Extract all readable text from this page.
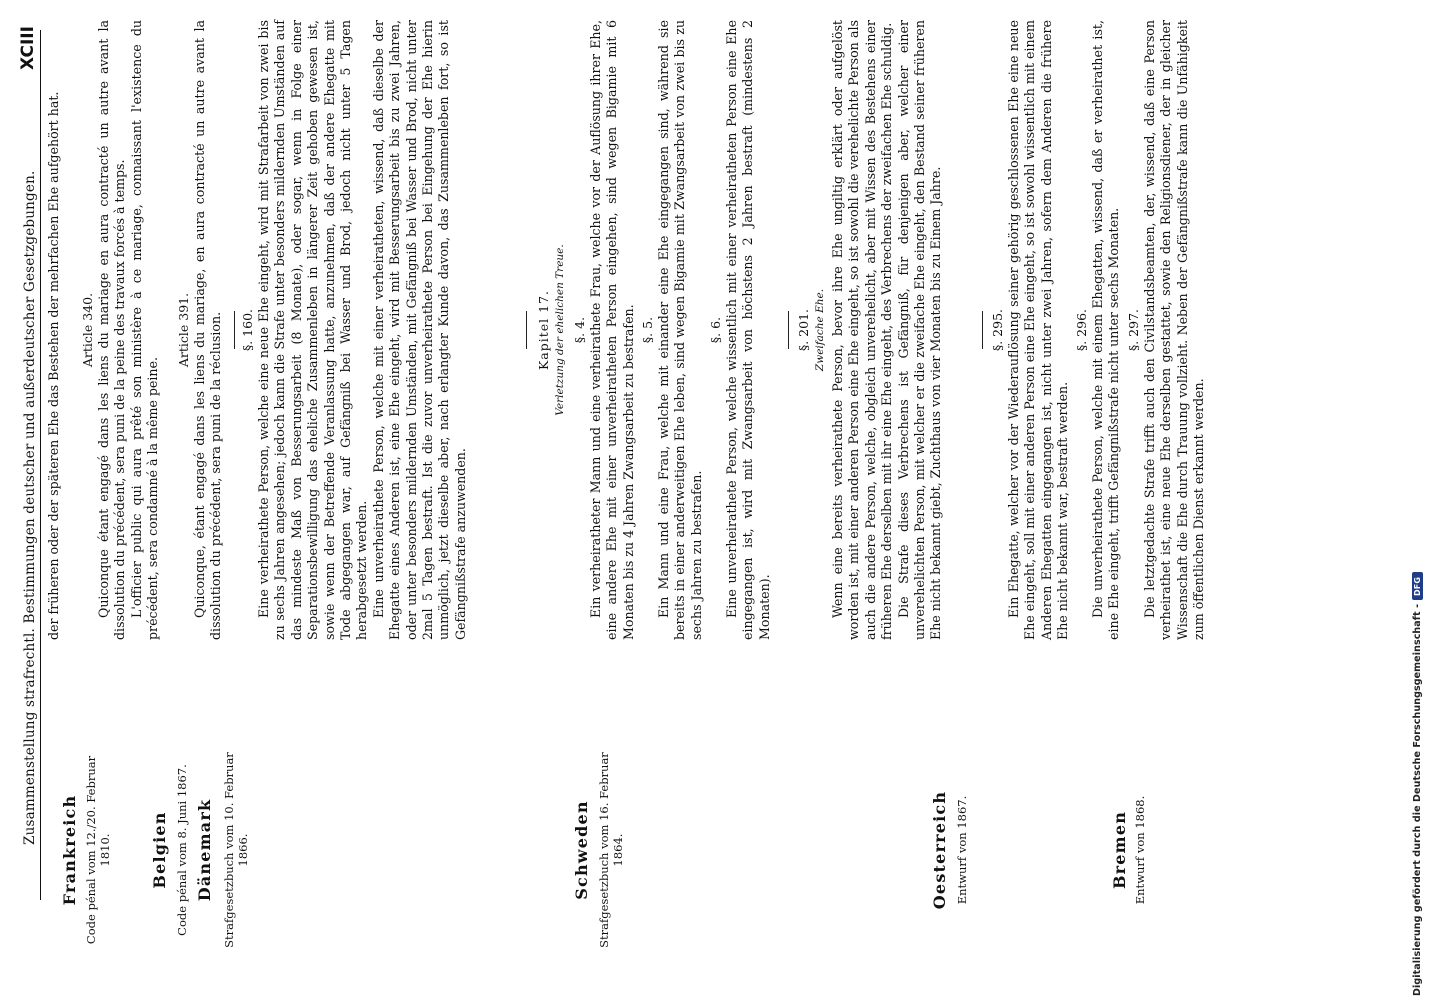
XCIII
Zusammenstellung strafrechtl. Bestimmungen deutscher und außerdeutscher Gesetzgebungen.
Frankreich Code pénal vom 12./20. Februar 1810. Belgien Code pénal vom 8. Juni 1867. Dänemark Strafgesetzbuch vom 10. Februar 1866.	Schweden Strafgesetzbuch vom 16. Februar 1864.	Oesterreich Entwurf von 1867.	Bremen Entwurf von 1868.

der früheren oder der späteren Ehe das Bestehen der mehrfachen Ehe aufgehört hat. Article 340. Quiconque étant engagé dans les liens du mariage en aura contracté un autre avant la dissolution du précédent, sera puni de la peine des travaux forcés à temps. L'officier public qui aura prêté son ministère à ce mariage, connaissant l'existence du précédent, sera condamné à la même peine.

Article 391. Quiconque, étant engagé dans les liens du mariage, en aura contracté un autre avant la dissolution du précédent, sera puni de la réclusion. §. 160. Eine verheirathete Person, welche eine neue Ehe eingeht, wird mit Strafarbeit von zwei bis zu sechs Jahren angesehen; jedoch kann die Strafe unter besonders mildernden Umständen auf das mindeste Maß von Besserungsarbeit (8 Monate), oder sogar, wenn in Folge einer Separationsbewilligung das eheliche Zusammenleben in längerer Zeit gehoben gewesen ist, sowie wenn der Betreffende Veranlassung hatte, anzunehmen, daß der andere Ehegatte mit Tode abgegangen war, auf Gefängniß bei Wasser und Brod, jedoch nicht unter 5 Tagen herabgesetzt werden. Eine unverheirathete Person, welche mit einer verheiratheten, wissend, daß dieselbe der Ehegatte eines Anderen ist, eine Ehe eingeht, wird mit Besserungsarbeit bis zu zwei Jahren, oder unter besonders mildernden Umständen, mit Gefängniß bei Wasser und Brod, nicht unter 2mal 5 Tagen bestraft. Ist die zuvor unverheirathete Person bei Eingehung der Ehe hierin unmöglich, jetzt dieselbe aber, nach erlangter Kunde davon, das Zusammenleben fort, so ist Gefängnißstrafe anzuwenden.

Kapitel 17. Verletzung der ehelichen Treue. §. 4. Ein verheiratheter Mann und eine verheirathete Frau, welche vor der Auflösung ihrer Ehe, eine andere Ehe mit einer unverheiratheten Person eingehen, sind wegen Bigamie mit 6 Monaten bis zu 4 Jahren Zwangsarbeit zu bestrafen. §. 5. Ein Mann und eine Frau, welche mit einander eine Ehe eingegangen sind, während sie bereits in einer anderweitigen Ehe leben, sind wegen Bigamie mit Zwangsarbeit von zwei bis zu sechs Jahren zu bestrafen.

§. 6. Eine unverheirathete Person, welche wissentlich mit einer verheiratheten Person eine Ehe eingegangen ist, wird mit Zwangsarbeit von höchstens 2 Jahren bestraft (mindestens 2 Monaten).

§. 201. Zweifache Ehe. Wenn eine bereits verheirathete Person, bevor ihre Ehe ungiltig erklärt oder aufgelöst worden ist, mit einer anderen Person eine Ehe eingeht, so ist sowohl die verehelichte Person als auch die andere Person, welche, obgleich unverehelicht, aber mit Wissen des Bestehens einer früheren Ehe derselben mit ihr eine Ehe eingeht, des Verbrechens der zweifachen Ehe schuldig. Die Strafe dieses Verbrechens ist Gefängniß, für denjenigen aber, welcher einer unverehelichten Person, mit welcher er die zweifache Ehe eingeht, den Bestand seiner früheren Ehe nicht bekannt giebt, Zuchthaus von vier Monaten bis zu Einem Jahre.	§. 295. Ein Ehegatte, welcher vor der Wiederauflösung seiner gehörig geschlossenen Ehe eine neue Ehe eingeht, soll mit einer anderen Person eine Ehe eingeht, so ist sowohl wissentlich mit einem Anderen Ehegatten eingegangen ist, nicht unter zwei Jahren, sofern dem Anderen die frühere Ehe nicht bekannt war, bestraft werden.

§. 296. Die unverheirathete Person, welche mit einem Ehegatten, wissend, daß er verheirathet ist, eine Ehe eingeht, trifft Gefängnißstrafe nicht unter sechs Monaten. §. 297. Die letztgedachte Strafe trifft auch den Civilstandsbeamten, der, wissend, daß eine Person verheirathet ist, eine neue Ehe derselben gestattet, sowie den Religionsdiener, der in gleicher Wissenschaft die Ehe durch Trauung vollzieht. Neben der Gefängnißstrafe kann die Unfähigkeit zum öffentlichen Dienst erkannt werden.

Digitalisierung gefördert durch die Deutsche Forschungsgemeinschaft - DFG
